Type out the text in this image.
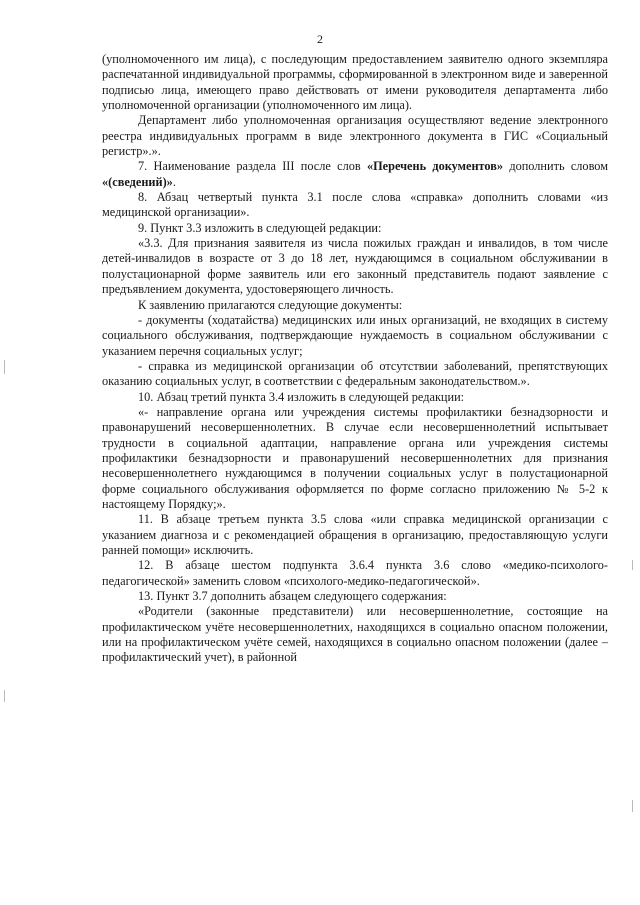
2

(уполномоченного им лица), с последующим предоставлением заявителю одного экземпляра распечатанной индивидуальной программы, сформированной в электронном виде и заверенной подписью лица, имеющего право действовать от имени руководителя департамента либо уполномоченной организации (уполномоченного им лица).

Департамент либо уполномоченная организация осуществляют ведение электронного реестра индивидуальных программ в виде электронного документа в ГИС «Социальный регистр».».

7. Наименование раздела III после слов «Перечень документов» дополнить словом «(сведений)».

8. Абзац четвертый пункта 3.1 после слова «справка» дополнить словами «из медицинской организации».

9. Пункт 3.3 изложить в следующей редакции:

«3.3. Для признания заявителя из числа пожилых граждан и инвалидов, в том числе детей-инвалидов в возрасте от 3 до 18 лет, нуждающимся в социальном обслуживании в полустационарной форме заявитель или его законный представитель подают заявление с предъявлением документа, удостоверяющего личность.

К заявлению прилагаются следующие документы:

- документы (ходатайства) медицинских или иных организаций, не входящих в систему социального обслуживания, подтверждающие нуждаемость в социальном обслуживании с указанием перечня социальных услуг;

- справка из медицинской организации об отсутствии заболеваний, препятствующих оказанию социальных услуг, в соответствии с федеральным законодательством.».

10. Абзац третий пункта 3.4 изложить в следующей редакции:

«- направление органа или учреждения системы профилактики безнадзорности и правонарушений несовершеннолетних. В случае если несовершеннолетний испытывает трудности в социальной адаптации, направление органа или учреждения системы профилактики безнадзорности и правонарушений несовершеннолетних для признания несовершеннолетнего нуждающимся в получении социальных услуг в полустационарной форме социального обслуживания оформляется по форме согласно приложению № 5-2 к настоящему Порядку;».

11. В абзаце третьем пункта 3.5 слова «или справка медицинской организации с указанием диагноза и с рекомендацией обращения в организацию, предоставляющую услуги ранней помощи» исключить.

12. В абзаце шестом подпункта 3.6.4 пункта 3.6 слово «медико-психолого-педагогической» заменить словом «психолого-медико-педагогической».

13. Пункт 3.7 дополнить абзацем следующего содержания:

«Родители (законные представители) или несовершеннолетние, состоящие на профилактическом учёте несовершеннолетних, находящихся в социально опасном положении, или на профилактическом учёте семей, находящихся в социально опасном положении (далее – профилактический учет), в районной
